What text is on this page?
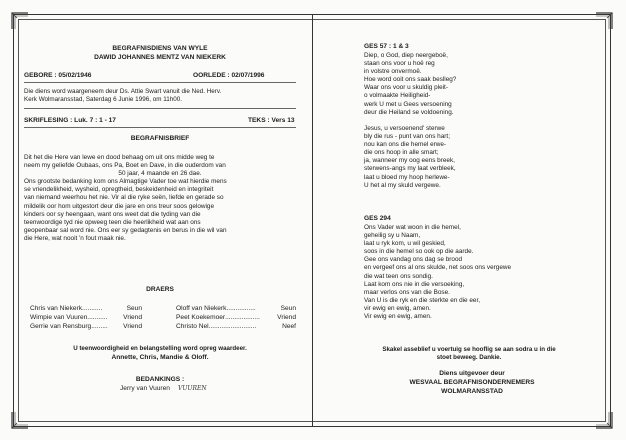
BEGRAFNISDIENS VAN WYLE
DAWID JOHANNES MENTZ VAN NIEKERK
GEBORE : 05/02/1946	OORLEDE : 02/07/1996
Die diens word waargeneem deur Ds. Attie Swart vanuit die Ned. Herv.
Kerk Wolmaransstad, Saterdag 6 Junie 1996, om 11h00.
SKRIFLESING : Luk. 7 : 1 - 17	TEKS : Vers 13
BEGRAFNISBRIEF
Dit het die Here van lewe en dood behaag om uit ons midde weg te
neem my geliefde Oubaas, ons Pa, Boet en Dave, in die ouderdom van
50 jaar, 4 maande en 26 dae.
Ons grootste bedanking kom ons Almagtige Vader toe wat hierdie mens
se vriendelikheid, wysheid, opregtheid, beskeidenheid en integriteit
van niemand weerhou het nie. Vir al die ryke seën, liefde en gerade so
mildelik oor hom uitgestort deur die jare en ons treur soos gelowige
kinders oor sy heengaan, want ons weet dat die tyding van die
teenwoordige tyd nie opweeg teen die heerlikheid wat aan ons
geopenbaar sal word nie. Ons eer sy gedagtenis en berus in die wil van
die Here, wat nooit 'n fout maak nie.
DRAERS
Chris van Niekerk ...........	Seun
Wimpie van Vuuren ...........	Vriend
Gerrie van Rensburg .........	Vriend
Oloff van Niekerk ................	Seun
Peet Koekemoer ...................	Vriend
Christo Nel ..........................	Neef
U teenwoordigheid en belangstelling word opreg waardeer.
Annette, Chris, Mandie & Oloff.
BEDANKINGS :
Jerry van Vuuren VUUREN
GES 57 : 1 & 3
Diep, o God, diep neergeboë,
staan ons voor u hoë reg
in volstre onvermoë.
Hoe word ooit ons saak beslleg?
Waar ons voor u skuldig pleit-
o volmaakte Heiligheid-
werk U met u Gees versoening
deur die Heiland se voldoening.
Jesus, u versoenend' sterwe
bly die rus - punt van ons hart;
nou kan ons die hemel erwe-
die ons hoop in alle smart;
ja, wanneer my oog eens breek,
sterwens-angs my laat verbleek,
laat u bloed my hoop herlewe-
U het al my skuld vergewe.
GES 294
Ons Vader wat woon in die hemel,
geheilig sy u Naam,
laat u ryk kom, u wil geskied,
soos in die hemel so ook op die aarde.
Gee ons vandag ons dag se brood
en vergeef ons al ons skulde, net soos ons vergewe
die wat teen ons sondig.
Laat kom ons nie in die versoeking,
maar verlos ons van die Bose.
Van U is die ryk en die sterkte en die eer,
vir ewig en ewig, amen.
Vir ewig en ewig, amen.
Skakel asseblief u voertuig se hooflig se aan sodra u in die
stoet beweeg. Dankie.
Diens uitgevoer deur
WESVAAL BEGRAFNISONDERNEMERS
WOLMARANSSTAD
